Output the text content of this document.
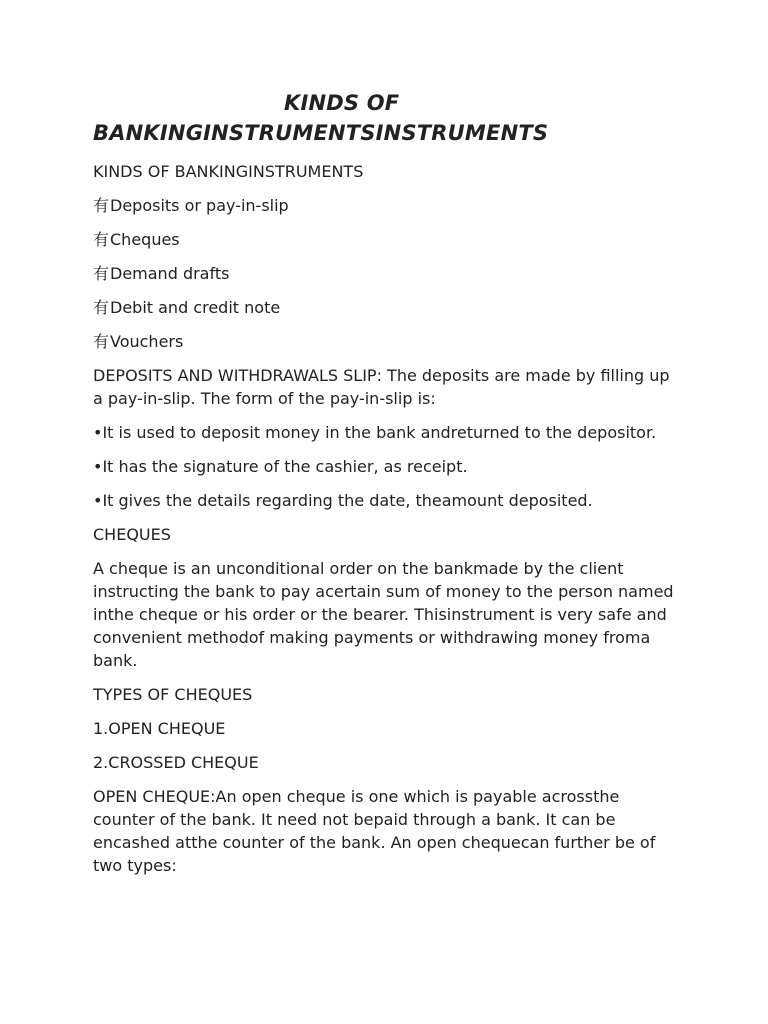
KINDS OF
BANKINGINSTRUMENTSINSTRUMENTS

KINDS OF BANKINGINSTRUMENTS

有Deposits or pay-in-slip

有Cheques

有Demand drafts

有Debit and credit note

有Vouchers

DEPOSITS AND WITHDRAWALS SLIP: The deposits are made by filling up a pay-in-slip. The form of the pay-in-slip is:

•It is used to deposit money in the bank andreturned to the depositor.

•It has the signature of the cashier, as receipt.

•It gives the details regarding the date, theamount deposited.

CHEQUES

A cheque is an unconditional order on the bankmade by the client instructing the bank to pay acertain sum of money to the person named inthe cheque or his order or the bearer. Thisinstrument is very safe and convenient methodof making payments or withdrawing money froma bank.

TYPES OF CHEQUES

1.OPEN CHEQUE

2.CROSSED CHEQUE

OPEN CHEQUE:An open cheque is one which is payable acrossthe counter of the bank. It need not bepaid through a bank. It can be encashed atthe counter of the bank. An open chequecan further be of two types:
